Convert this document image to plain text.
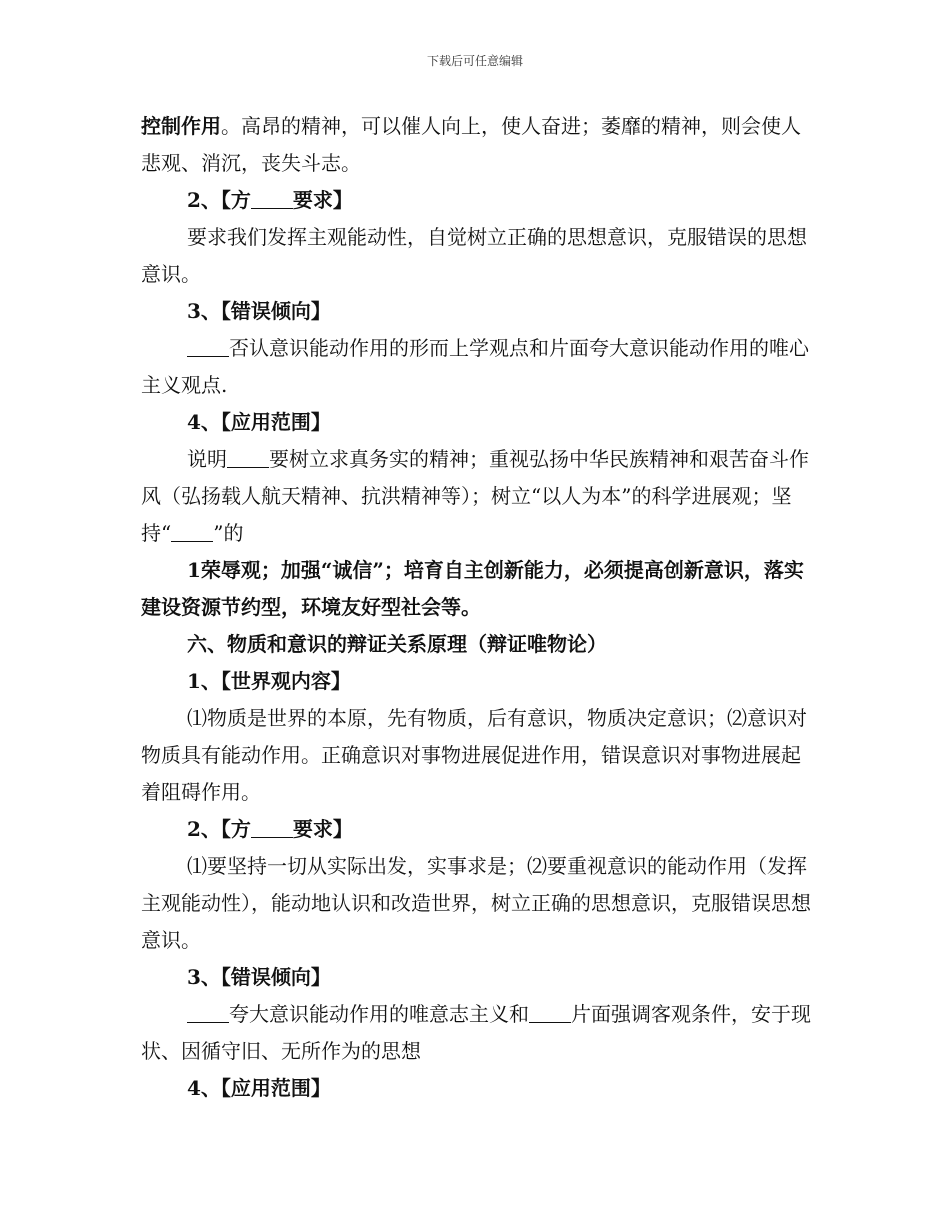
下载后可任意编辑

控制作用。高昂的精神，可以催人向上，使人奋进；萎靡的精神，则会使人悲观、消沉，丧失斗志。

2、【方 要求】

要求我们发挥主观能动性，自觉树立正确的思想意识，克服错误的思想意识。

3、【错误倾向】

否认意识能动作用的形而上学观点和片面夸大意识能动作用的唯心主义观点.

4、【应用范围】

说明 要树立求真务实的精神；重视弘扬中华民族精神和艰苦奋斗作风（弘扬载人航天精神、抗洪精神等）；树立“以人为本”的科学进展观；坚持“ ”的

1荣辱观；加强“诚信”；培育自主创新能力，必须提高创新意识，落实建设资源节约型，环境友好型社会等。

六、物质和意识的辩证关系原理（辩证唯物论）

1、【世界观内容】

⑴物质是世界的本原，先有物质，后有意识，物质决定意识；⑵意识对物质具有能动作用。正确意识对事物进展促进作用，错误意识对事物进展起着阻碍作用。

2、【方 要求】

⑴要坚持一切从实际出发，实事求是；⑵要重视意识的能动作用（发挥主观能动性），能动地认识和改造世界，树立正确的思想意识，克服错误思想意识。

3、【错误倾向】

夸大意识能动作用的唯意志主义和 片面强调客观条件，安于现状、因循守旧、无所作为的思想

4、【应用范围】
